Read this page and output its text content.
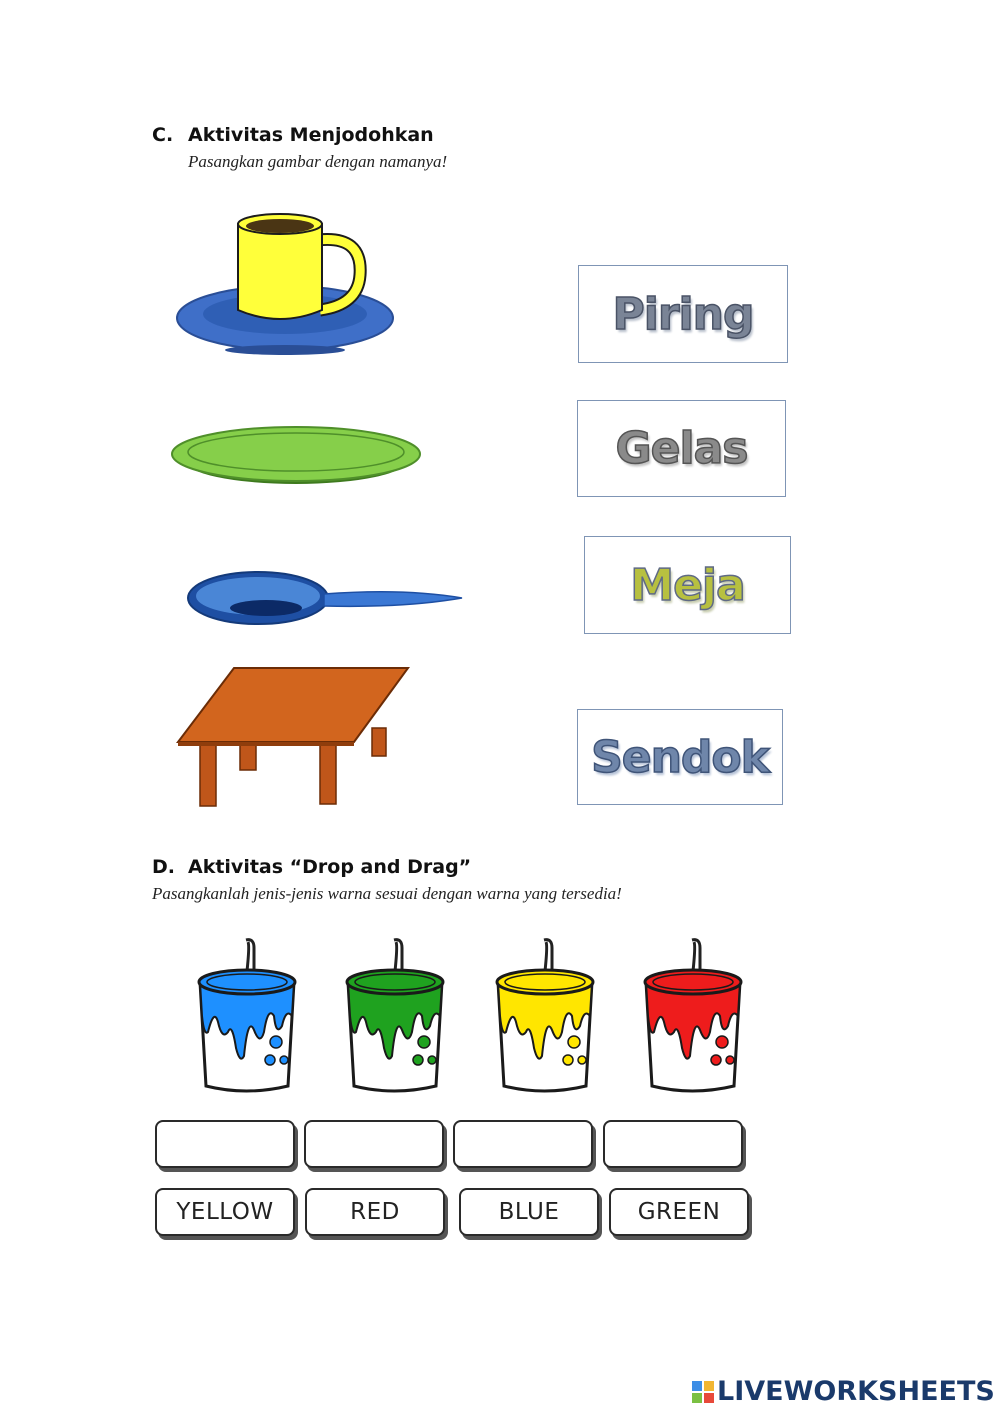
C. Aktivitas Menjodohkan
Pasangkan gambar dengan namanya!
Piring
Gelas
Meja
Sendok
D. Aktivitas “Drop and Drag”
Pasangkanlah jenis-jenis warna sesuai dengan warna yang tersedia!
YELLOW	RED	BLUE	GREEN
LIVEWORKSHEETS
